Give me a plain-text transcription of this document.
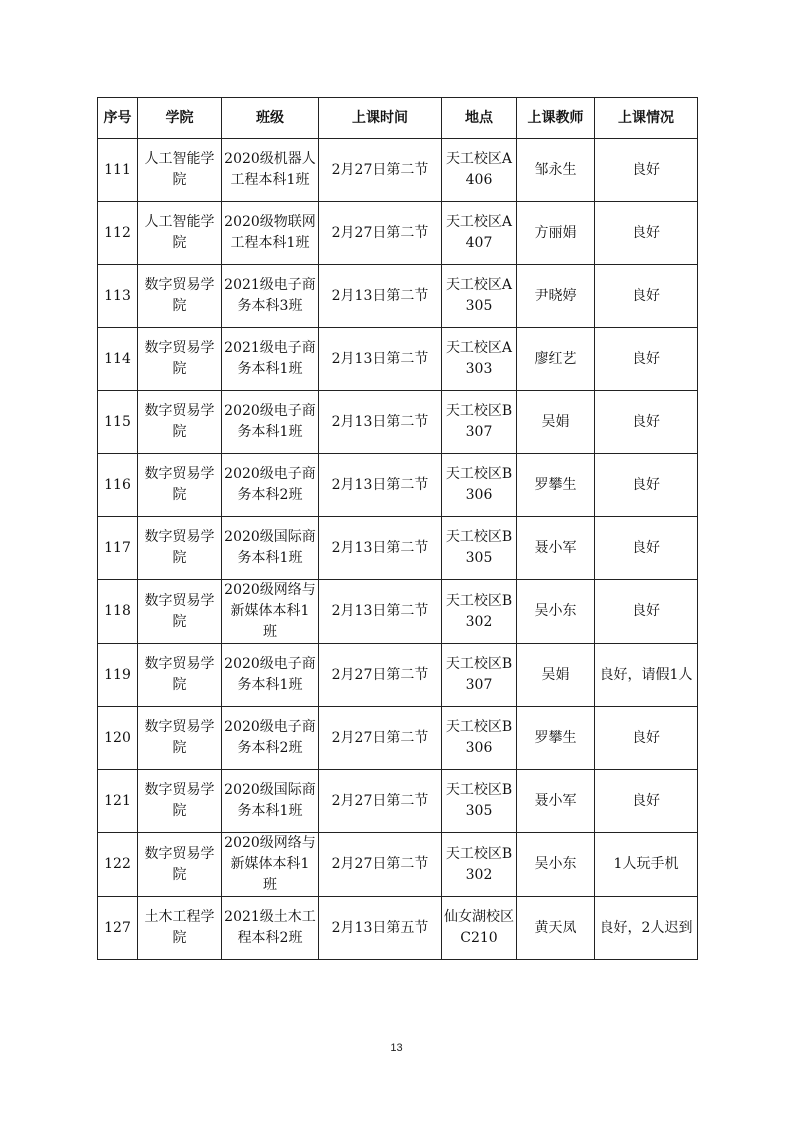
序号	学院	班级	上课时间	地点	上课教师	上课情况
111	人工智能学院	2020级机器人工程本科1班	2月27日第二节	天工校区A406	邹永生	良好
112	人工智能学院	2020级物联网工程本科1班	2月27日第二节	天工校区A407	方丽娟	良好
113	数字贸易学院	2021级电子商务本科3班	2月13日第二节	天工校区A305	尹晓婷	良好
114	数字贸易学院	2021级电子商务本科1班	2月13日第二节	天工校区A303	廖红艺	良好
115	数字贸易学院	2020级电子商务本科1班	2月13日第二节	天工校区B307	吴娟	良好
116	数字贸易学院	2020级电子商务本科2班	2月13日第二节	天工校区B306	罗攀生	良好
117	数字贸易学院	2020级国际商务本科1班	2月13日第二节	天工校区B305	聂小军	良好
118	数字贸易学院	2020级网络与新媒体本科1班	2月13日第二节	天工校区B302	吴小东	良好
119	数字贸易学院	2020级电子商务本科1班	2月27日第二节	天工校区B307	吴娟	良好，请假1人
120	数字贸易学院	2020级电子商务本科2班	2月27日第二节	天工校区B306	罗攀生	良好
121	数字贸易学院	2020级国际商务本科1班	2月27日第二节	天工校区B305	聂小军	良好
122	数字贸易学院	2020级网络与新媒体本科1班	2月27日第二节	天工校区B302	吴小东	1人玩手机
127	土木工程学院	2021级土木工程本科2班	2月13日第五节	仙女湖校区C210	黄天凤	良好，2人迟到
13
